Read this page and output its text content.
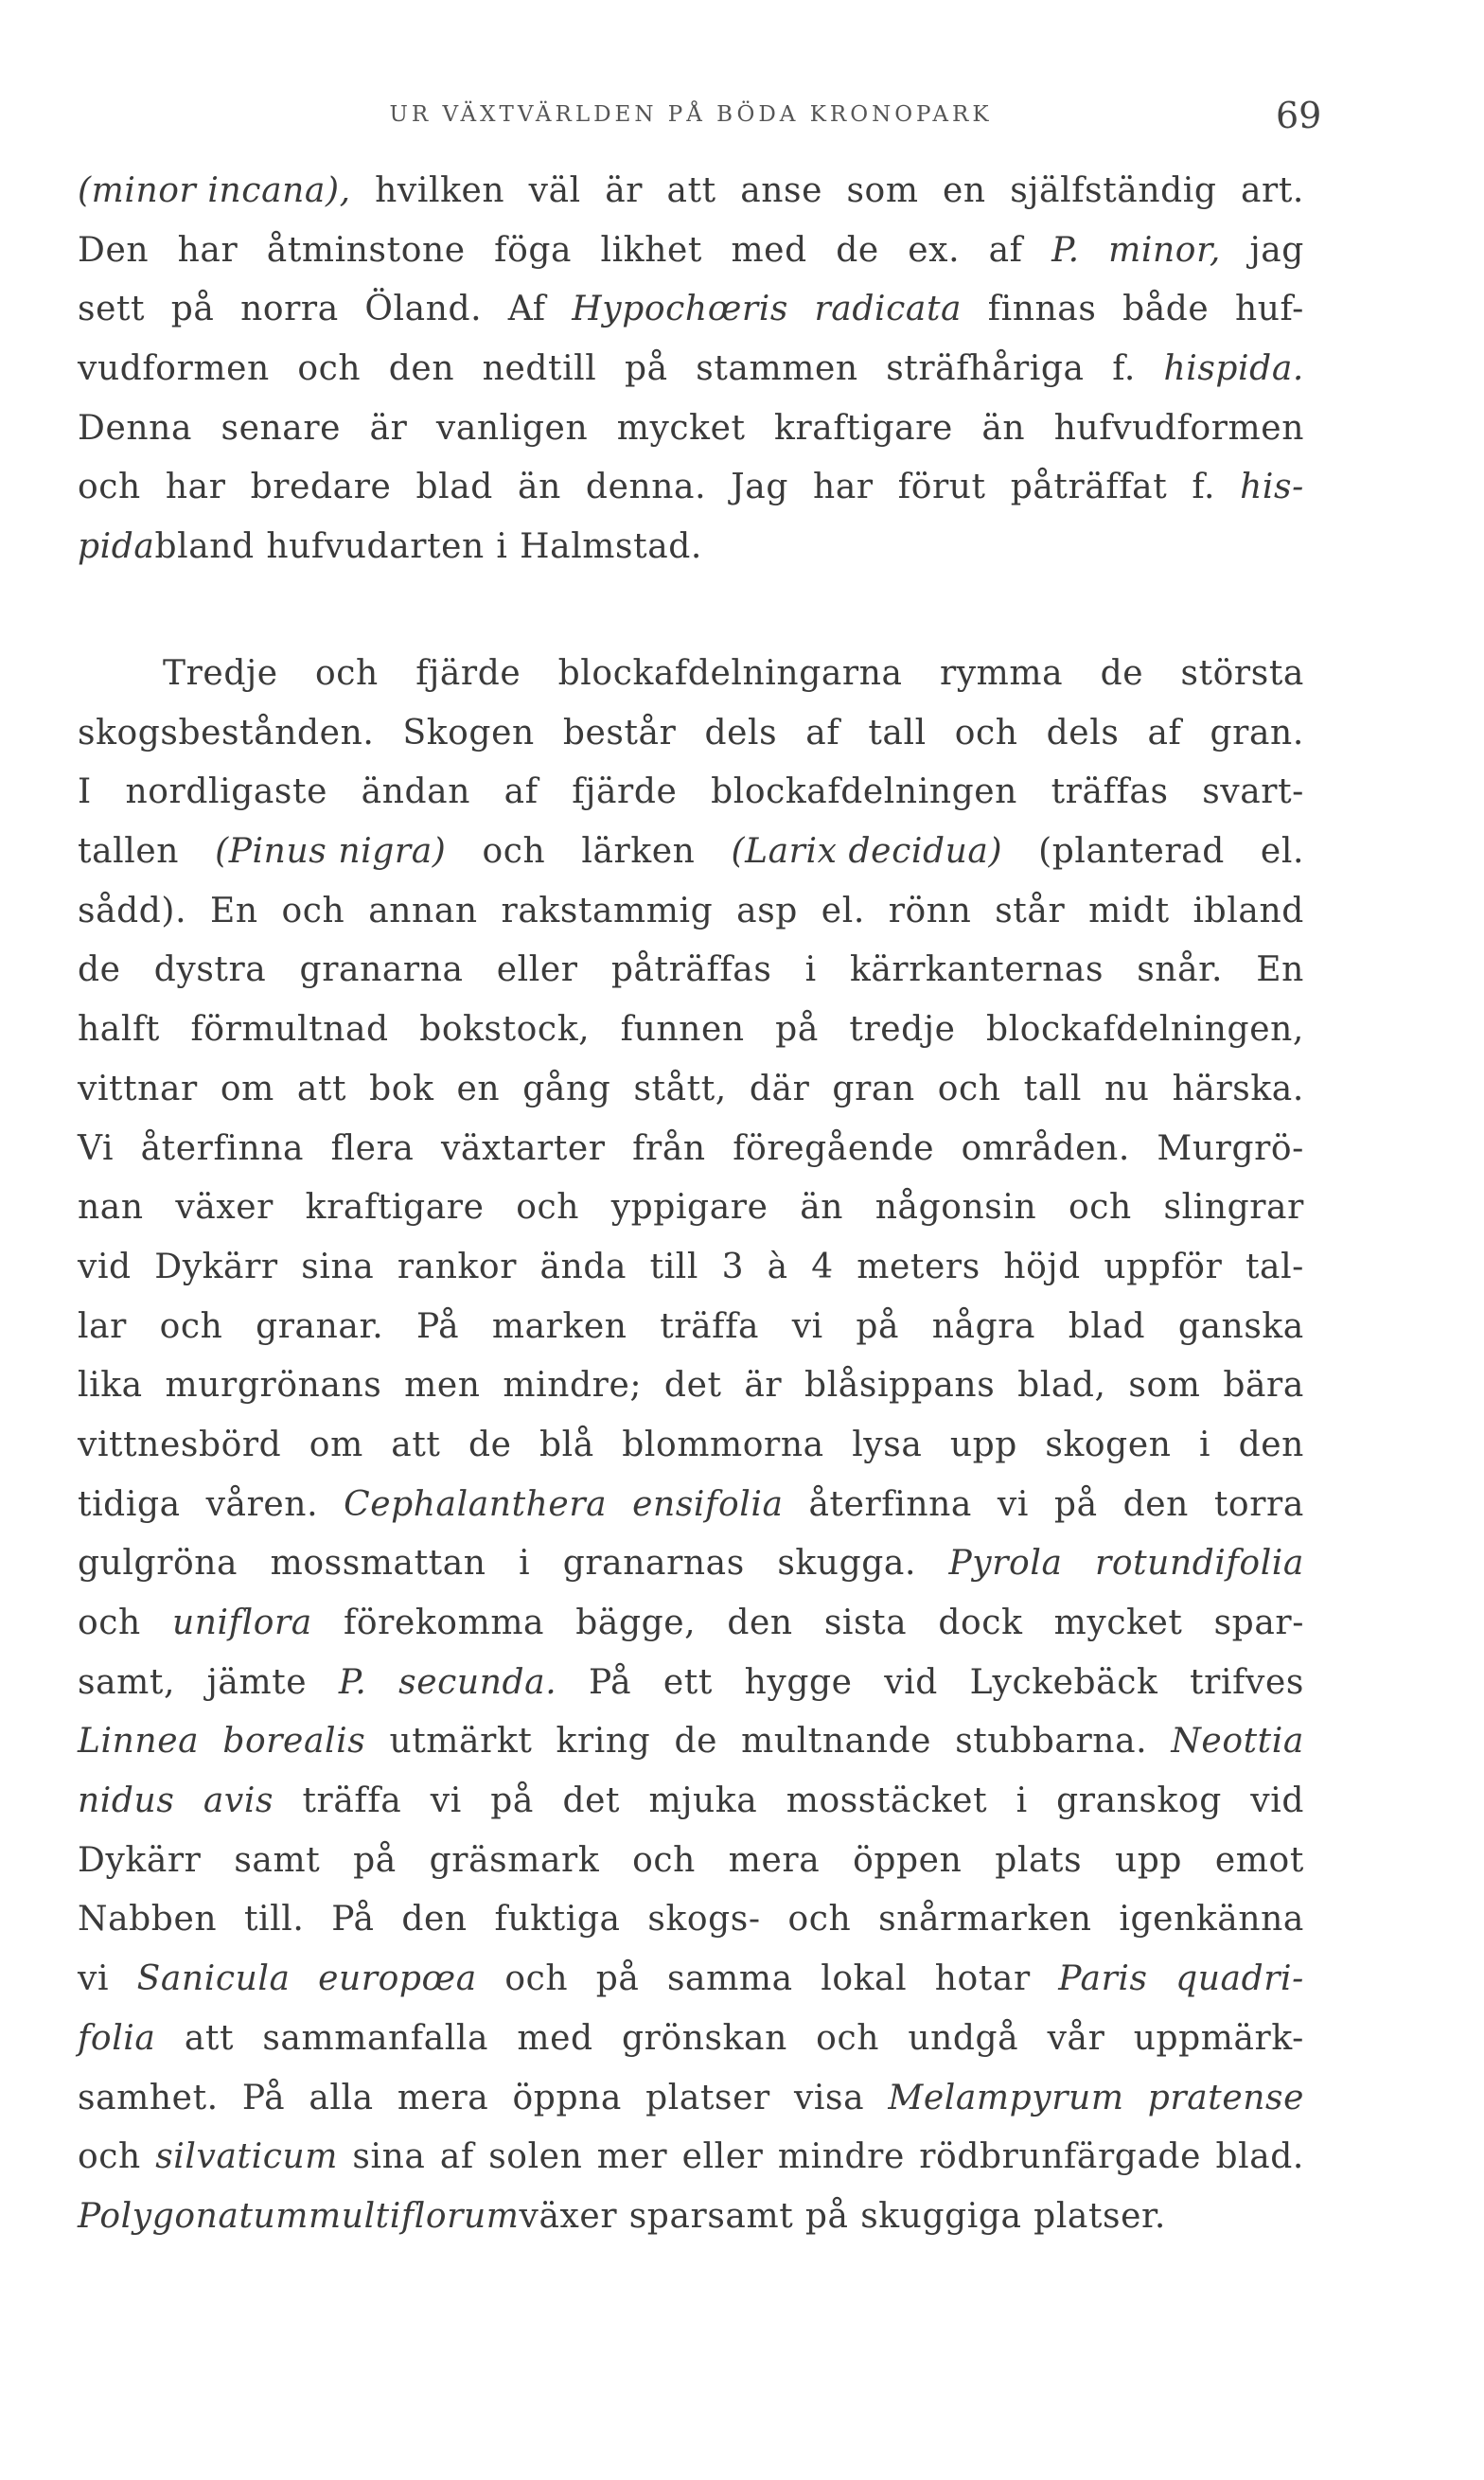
UR VÄXTVÄRLDEN PÅ BÖDA KRONOPARK	69
(minor incana), hvilken väl är att anse som en själfständig art.
Den har åtminstone föga likhet med de ex. af P. minor, jag
sett på norra Öland. Af Hypochœris radicata finnas både huf-
vudformen och den nedtill på stammen sträfhåriga f. hispida.
Denna senare är vanligen mycket kraftigare än hufvudformen
och har bredare blad än denna. Jag har förut påträffat f. his-
pida bland hufvudarten i Halmstad.
Tredje och fjärde blockafdelningarna rymma de största
skogsbestånden. Skogen består dels af tall och dels af gran.
I nordligaste ändan af fjärde blockafdelningen träffas svart-
tallen (Pinus nigra) och lärken (Larix decidua) (planterad el.
sådd). En och annan rakstammig asp el. rönn står midt ibland
de dystra granarna eller påträffas i kärrkanternas snår. En
halft förmultnad bokstock, funnen på tredje blockafdelningen,
vittnar om att bok en gång stått, där gran och tall nu härska.
Vi återfinna flera växtarter från föregående områden. Murgrö-
nan växer kraftigare och yppigare än någonsin och slingrar
vid Dykärr sina rankor ända till 3 à 4 meters höjd uppför tal-
lar och granar. På marken träffa vi på några blad ganska
lika murgrönans men mindre; det är blåsippans blad, som bära
vittnesbörd om att de blå blommorna lysa upp skogen i den
tidiga våren. Cephalanthera ensifolia återfinna vi på den torra
gulgröna mossmattan i granarnas skugga. Pyrola rotundifolia
och uniflora förekomma bägge, den sista dock mycket spar-
samt, jämte P. secunda. På ett hygge vid Lyckebäck trifves
Linnea borealis utmärkt kring de multnande stubbarna. Neottia
nidus avis träffa vi på det mjuka mosstäcket i granskog vid
Dykärr samt på gräsmark och mera öppen plats upp emot
Nabben till. På den fuktiga skogs- och snårmarken igenkänna
vi Sanicula europœa och på samma lokal hotar Paris quadri-
folia att sammanfalla med grönskan och undgå vår uppmärk-
samhet. På alla mera öppna platser visa Melampyrum pratense
och silvaticum sina af solen mer eller mindre rödbrunfärgade blad.
Polygonatum multiflorum växer sparsamt på skuggiga platser.
